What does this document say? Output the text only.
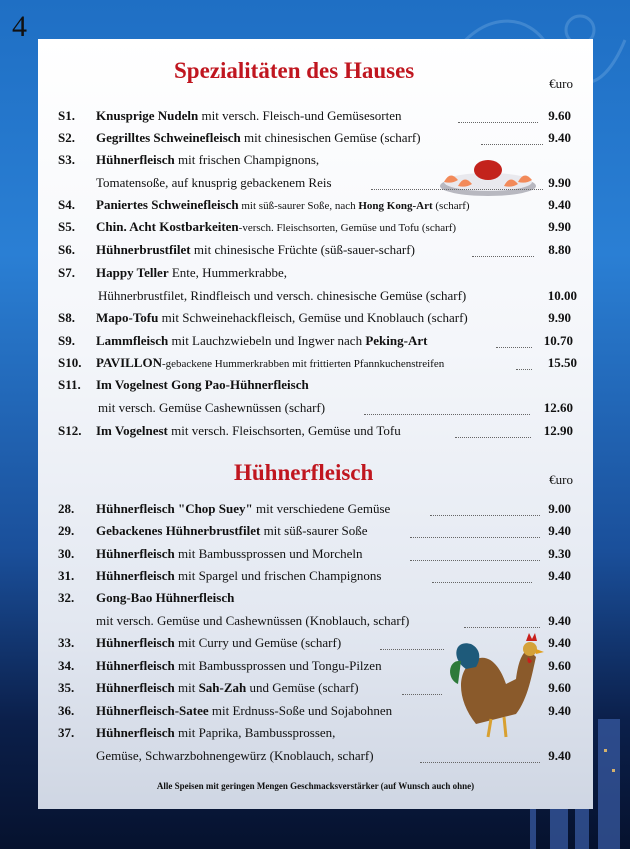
4
Spezialitäten des Hauses
€uro
S1. Knusprige Nudeln mit versch. Fleisch-und Gemüsesorten	9.60
S2. Gegrilltes Schweinefleisch mit chinesischen Gemüse (scharf)	9.40
S3. Hühnerfleisch mit frischen Champignons,
Tomatensoße, auf knusprig gebackenem Reis	9.90
S4. Paniertes Schweinefleisch mit süß-saurer Soße, nach Hong Kong-Art (scharf)	9.40
S5. Chin. Acht Kostbarkeiten-versch. Fleischsorten, Gemüse und Tofu (scharf)	9.90
S6. Hühnerbrustfilet mit chinesische Früchte (süß-sauer-scharf)	8.80
S7. Happy Teller Ente, Hummerkrabbe,
Hühnerbrustfilet, Rindfleisch und versch. chinesische Gemüse (scharf)	10.00
S8. Mapo-Tofu mit Schweinehackfleisch, Gemüse und Knoblauch (scharf)	9.90
S9. Lammfleisch mit Lauchzwiebeln und Ingwer nach Peking-Art	10.70
S10. PAVILLON-gebackene Hummerkrabben mit frittierten Pfannkuchenstreifen	15.50
S11. Im Vogelnest Gong Pao-Hühnerfleisch
mit versch. Gemüse Cashewnüssen (scharf)	12.60
S12. Im Vogelnest mit versch. Fleischsorten, Gemüse und Tofu	12.90
Hühnerfleisch	€uro
28. Hühnerfleisch "Chop Suey" mit verschiedene Gemüse	9.00
29. Gebackenes Hühnerbrustfilet mit süß-saurer Soße	9.40
30. Hühnerfleisch mit Bambussprossen und Morcheln	9.30
31. Hühnerfleisch mit Spargel und frischen Champignons	9.40
32. Gong-Bao Hühnerfleisch
mit versch. Gemüse und Cashewnüssen (Knoblauch, scharf)	9.40
33. Hühnerfleisch mit Curry und Gemüse (scharf)	9.40
34. Hühnerfleisch mit Bambussprossen und Tongu-Pilzen	9.60
35. Hühnerfleisch mit Sah-Zah und Gemüse (scharf)	9.60
36. Hühnerfleisch-Satee mit Erdnuss-Soße und Sojabohnen	9.40
37. Hühnerfleisch mit Paprika, Bambussprossen,
Gemüse, Schwarzbohnengewürz (Knoblauch, scharf)	9.40
Alle Speisen mit geringen Mengen Geschmacksverstärker (auf Wunsch auch ohne)
